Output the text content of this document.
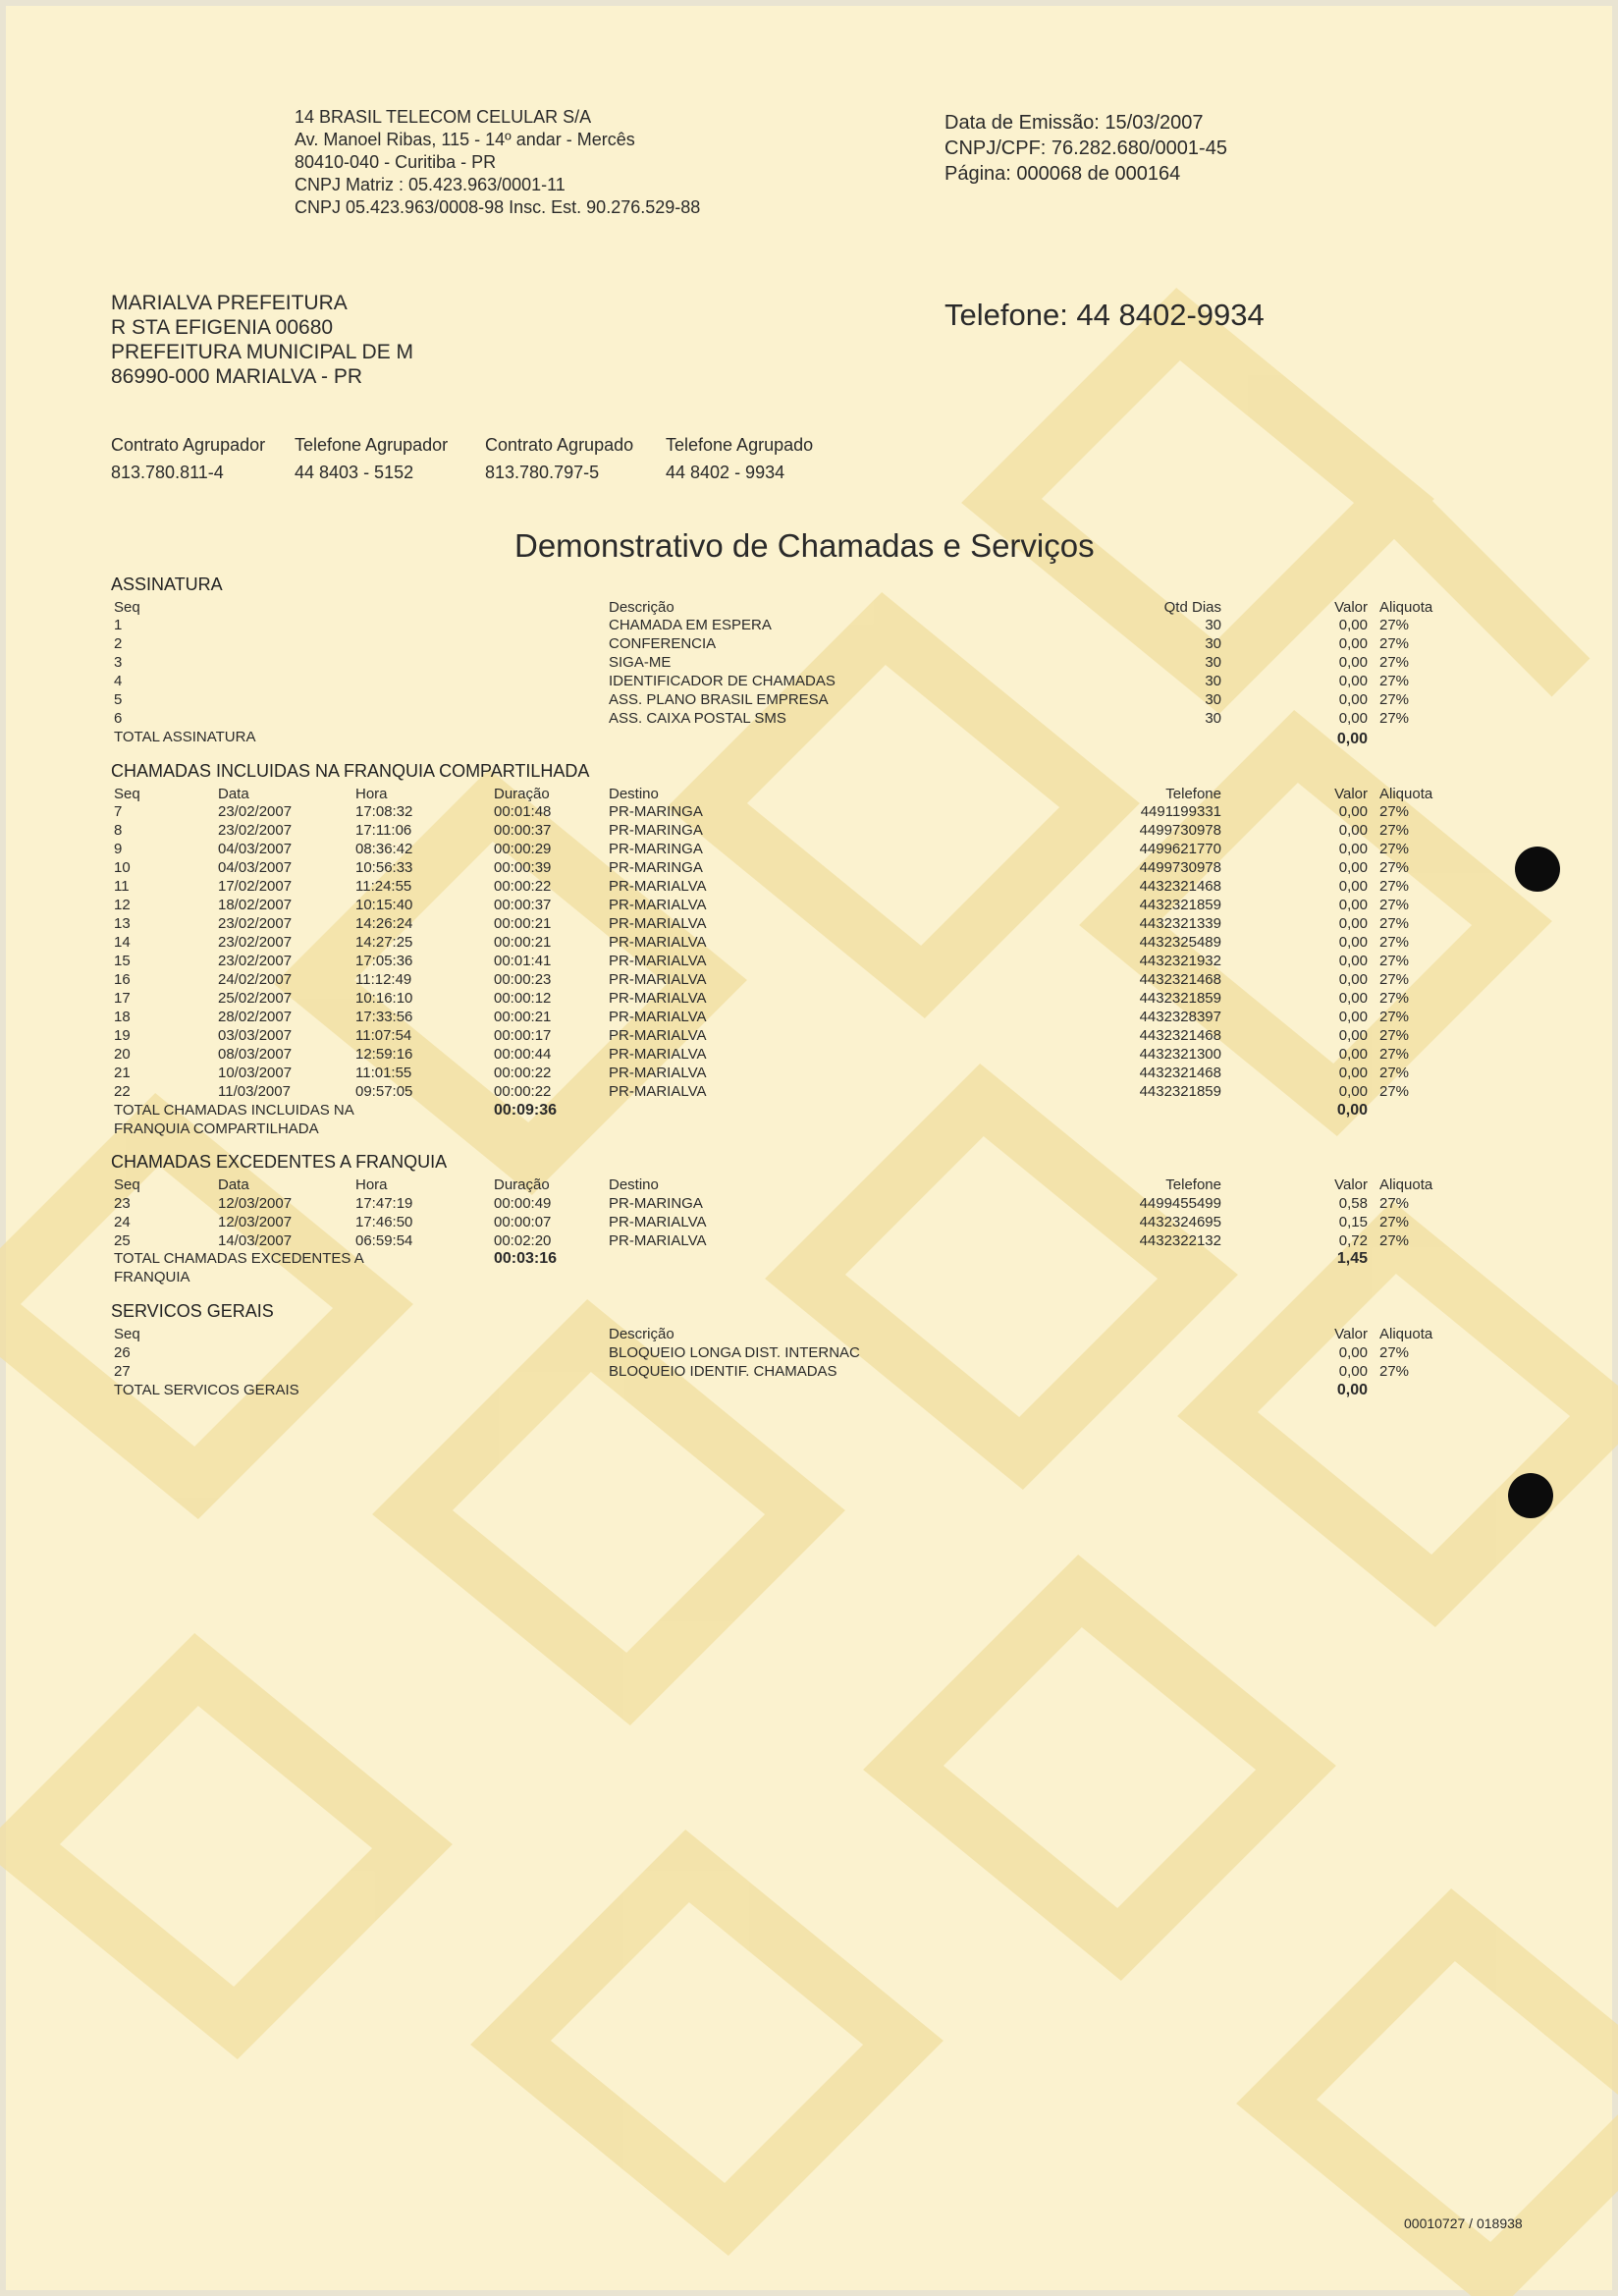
14 BRASIL TELECOM CELULAR S/A
Av. Manoel Ribas, 115 - 14º andar - Mercês
80410-040 - Curitiba - PR
CNPJ Matriz : 05.423.963/0001-11
CNPJ 05.423.963/0008-98 Insc. Est. 90.276.529-88
Data de Emissão: 15/03/2007
CNPJ/CPF: 76.282.680/0001-45
Página: 000068 de 000164
MARIALVA PREFEITURA
R STA EFIGENIA 00680
PREFEITURA MUNICIPAL DE M
86990-000 MARIALVA - PR
Telefone: 44 8402-9934
Contrato Agrupador Telefone Agrupador Contrato Agrupado Telefone Agrupado
813.780.811-4	44 8403 - 5152	813.780.797-5	44 8402 - 9934
Demonstrativo de Chamadas e Serviços
ASSINATURA
Seq	Descrição	Qtd Dias	Valor Aliquota
1	CHAMADA EM ESPERA	30	0,00 27%
2	CONFERENCIA	30	0,00 27%
3	SIGA-ME	30	0,00 27%
4	IDENTIFICADOR DE CHAMADAS	30	0,00 27%
5	ASS. PLANO BRASIL EMPRESA	30	0,00 27%
6	ASS. CAIXA POSTAL SMS	30	0,00 27%
TOTAL ASSINATURA	0,00
CHAMADAS INCLUIDAS NA FRANQUIA COMPARTILHADA
Seq	Data	Hora	Duração	Destino	Telefone	Valor Aliquota
7	23/02/2007	17:08:32	00:01:48	PR-MARINGA	4491199331	0,00 27%
8	23/02/2007	17:11:06	00:00:37	PR-MARINGA	4499730978	0,00 27%
9	04/03/2007	08:36:42	00:00:29	PR-MARINGA	4499621770	0,00 27%
10	04/03/2007	10:56:33	00:00:39	PR-MARINGA	4499730978	0,00 27%
11	17/02/2007	11:24:55	00:00:22	PR-MARIALVA	4432321468	0,00 27%
12	18/02/2007	10:15:40	00:00:37	PR-MARIALVA	4432321859	0,00 27%
13	23/02/2007	14:26:24	00:00:21	PR-MARIALVA	4432321339	0,00 27%
14	23/02/2007	14:27:25	00:00:21	PR-MARIALVA	4432325489	0,00 27%
15	23/02/2007	17:05:36	00:01:41	PR-MARIALVA	4432321932	0,00 27%
16	24/02/2007	11:12:49	00:00:23	PR-MARIALVA	4432321468	0,00 27%
17	25/02/2007	10:16:10	00:00:12	PR-MARIALVA	4432321859	0,00 27%
18	28/02/2007	17:33:56	00:00:21	PR-MARIALVA	4432328397	0,00 27%
19	03/03/2007	11:07:54	00:00:17	PR-MARIALVA	4432321468	0,00 27%
20	08/03/2007	12:59:16	00:00:44	PR-MARIALVA	4432321300	0,00 27%
21	10/03/2007	11:01:55	00:00:22	PR-MARIALVA	4432321468	0,00 27%
22	11/03/2007	09:57:05	00:00:22	PR-MARIALVA	4432321859	0,00 27%
TOTAL CHAMADAS INCLUIDAS NA	00:09:36	0,00
FRANQUIA COMPARTILHADA
CHAMADAS EXCEDENTES A FRANQUIA
Seq	Data	Hora	Duração	Destino	Telefone	Valor Aliquota
23	12/03/2007	17:47:19	00:00:49	PR-MARINGA	4499455499	0,58 27%
24	12/03/2007	17:46:50	00:00:07	PR-MARIALVA	4432324695	0,15 27%
25	14/03/2007	06:59:54	00:02:20	PR-MARIALVA	4432322132	0,72 27%
TOTAL CHAMADAS EXCEDENTES A	00:03:16	1,45
FRANQUIA
SERVICOS GERAIS
Seq	Descrição	Valor Aliquota
26	BLOQUEIO LONGA DIST. INTERNAC	0,00 27%
27	BLOQUEIO IDENTIF. CHAMADAS	0,00 27%
TOTAL SERVICOS GERAIS	0,00
00010727 / 018938
